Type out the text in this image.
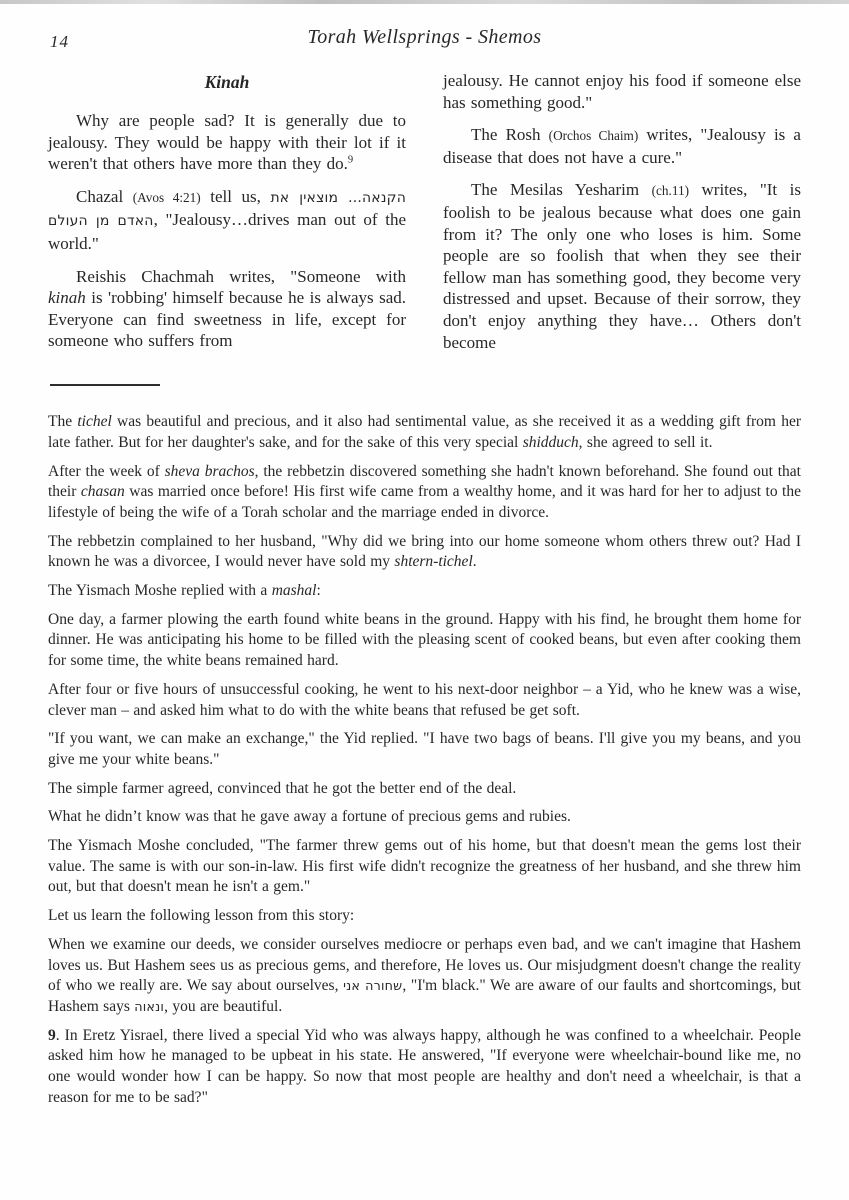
14	Torah Wellsprings - Shemos
Kinah

Why are people sad? It is generally due to jealousy. They would be happy with their lot if it weren't that others have more than they do.$^9$

Chazal (Avos 4:21) tell us, הקנאה... מוצאין את האדם מן העולם, "Jealousy…drives man out of the world."

Reishis Chachmah writes, "Someone with kinah is 'robbing' himself because he is always sad. Everyone can find sweetness in life, except for someone who suffers from

jealousy. He cannot enjoy his food if someone else has something good."

The Rosh (Orchos Chaim) writes, "Jealousy is a disease that does not have a cure."

The Mesilas Yesharim (ch.11) writes, "It is foolish to be jealous because what does one gain from it? The only one who loses is him. Some people are so foolish that when they see their fellow man has something good, they become very distressed and upset. Because of their sorrow, they don't enjoy anything they have… Others don't become

The tichel was beautiful and precious, and it also had sentimental value, as she received it as a wedding gift from her late father. But for her daughter's sake, and for the sake of this very special shidduch, she agreed to sell it.

After the week of sheva brachos, the rebbetzin discovered something she hadn't known beforehand. She found out that their chasan was married once before! His first wife came from a wealthy home, and it was hard for her to adjust to the lifestyle of being the wife of a Torah scholar and the marriage ended in divorce.

The rebbetzin complained to her husband, "Why did we bring into our home someone whom others threw out? Had I known he was a divorcee, I would never have sold my shtern-tichel.

The Yismach Moshe replied with a mashal:

One day, a farmer plowing the earth found white beans in the ground. Happy with his find, he brought them home for dinner. He was anticipating his home to be filled with the pleasing scent of cooked beans, but even after cooking them for some time, the white beans remained hard.

After four or five hours of unsuccessful cooking, he went to his next-door neighbor – a Yid, who he knew was a wise, clever man – and asked him what to do with the white beans that refused be get soft.

"If you want, we can make an exchange," the Yid replied. "I have two bags of beans. I'll give you my beans, and you give me your white beans."

The simple farmer agreed, convinced that he got the better end of the deal.

What he didn’t know was that he gave away a fortune of precious gems and rubies.

The Yismach Moshe concluded, "The farmer threw gems out of his home, but that doesn't mean the gems lost their value. The same is with our son-in-law. His first wife didn't recognize the greatness of her husband, and she threw him out, but that doesn't mean he isn't a gem."

Let us learn the following lesson from this story:

When we examine our deeds, we consider ourselves mediocre or perhaps even bad, and we can't imagine that Hashem loves us. But Hashem sees us as precious gems, and therefore, He loves us. Our misjudgment doesn't change the reality of who we really are. We say about ourselves, שחורה אני, "I'm black." We are aware of our faults and shortcomings, but Hashem says ונאוה, you are beautiful.

9. In Eretz Yisrael, there lived a special Yid who was always happy, although he was confined to a wheelchair. People asked him how he managed to be upbeat in his state. He answered, "If everyone were wheelchair-bound like me, no one would wonder how I can be happy. So now that most people are healthy and don't need a wheelchair, is that a reason for me to be sad?"
